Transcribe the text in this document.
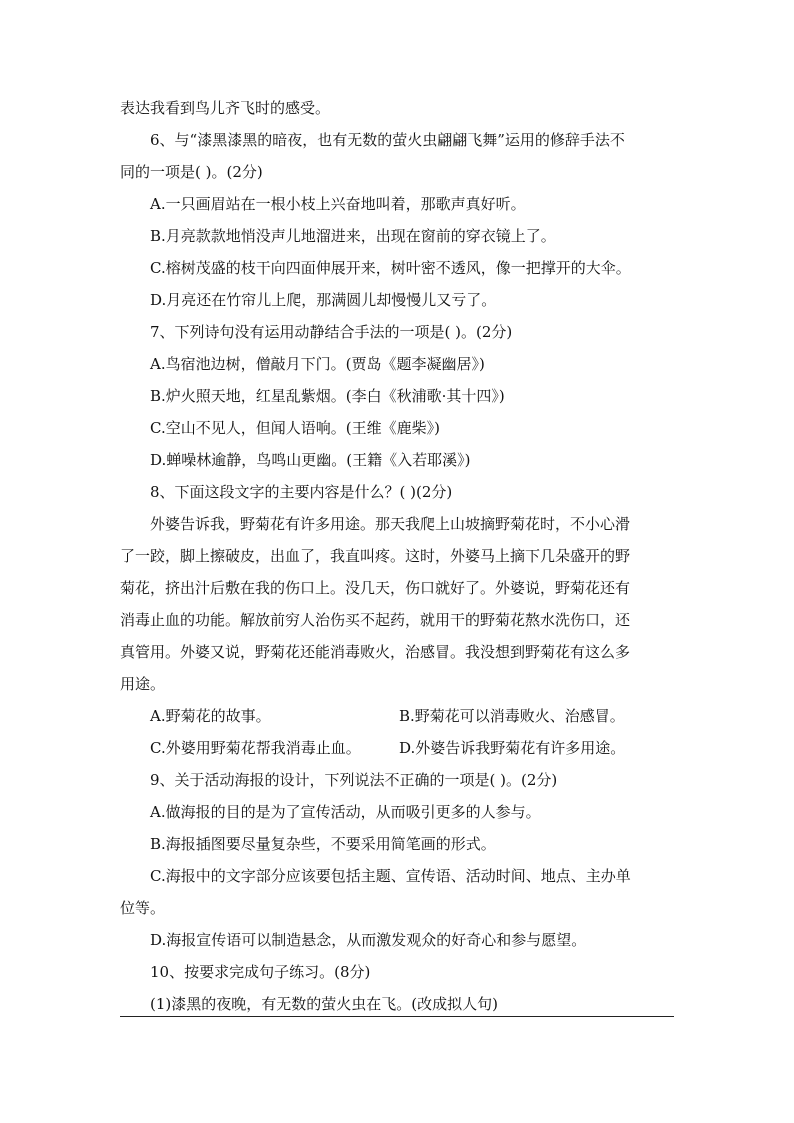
表达我看到鸟儿齐飞时的感受。
6、与“漆黑漆黑的暗夜，也有无数的萤火虫翩翩飞舞”运用的修辞手法不
同的一项是( )。(2分)
A.一只画眉站在一根小枝上兴奋地叫着，那歌声真好听。
B.月亮款款地悄没声儿地溜进来，出现在窗前的穿衣镜上了。
C.榕树茂盛的枝干向四面伸展开来，树叶密不透风，像一把撑开的大伞。
D.月亮还在竹帘儿上爬，那满圆儿却慢慢儿又亏了。
7、下列诗句没有运用动静结合手法的一项是( )。(2分)
A.鸟宿池边树，僧敲月下门。(贾岛《题李凝幽居》)
B.炉火照天地，红星乱紫烟。(李白《秋浦歌·其十四》)
C.空山不见人，但闻人语响。(王维《鹿柴》)
D.蝉噪林逾静，鸟鸣山更幽。(王籍《入若耶溪》)
8、下面这段文字的主要内容是什么？( )(2分)
外婆告诉我，野菊花有许多用途。那天我爬上山坡摘野菊花时，不小心滑
了一跤，脚上擦破皮，出血了，我直叫疼。这时，外婆马上摘下几朵盛开的野
菊花，挤出汁后敷在我的伤口上。没几天，伤口就好了。外婆说，野菊花还有
消毒止血的功能。解放前穷人治伤买不起药，就用干的野菊花熬水洗伤口，还
真管用。外婆又说，野菊花还能消毒败火，治感冒。我没想到野菊花有这么多
用途。
A.野菊花的故事。	B.野菊花可以消毒败火、治感冒。
C.外婆用野菊花帮我消毒止血。	D.外婆告诉我野菊花有许多用途。
9、关于活动海报的设计，下列说法不正确的一项是( )。(2分)
A.做海报的目的是为了宣传活动，从而吸引更多的人参与。
B.海报插图要尽量复杂些，不要采用简笔画的形式。
C.海报中的文字部分应该要包括主题、宣传语、活动时间、地点、主办单
位等。
D.海报宣传语可以制造悬念，从而激发观众的好奇心和参与愿望。
10、按要求完成句子练习。(8分)
(1)漆黑的夜晚，有无数的萤火虫在飞。(改成拟人句)
